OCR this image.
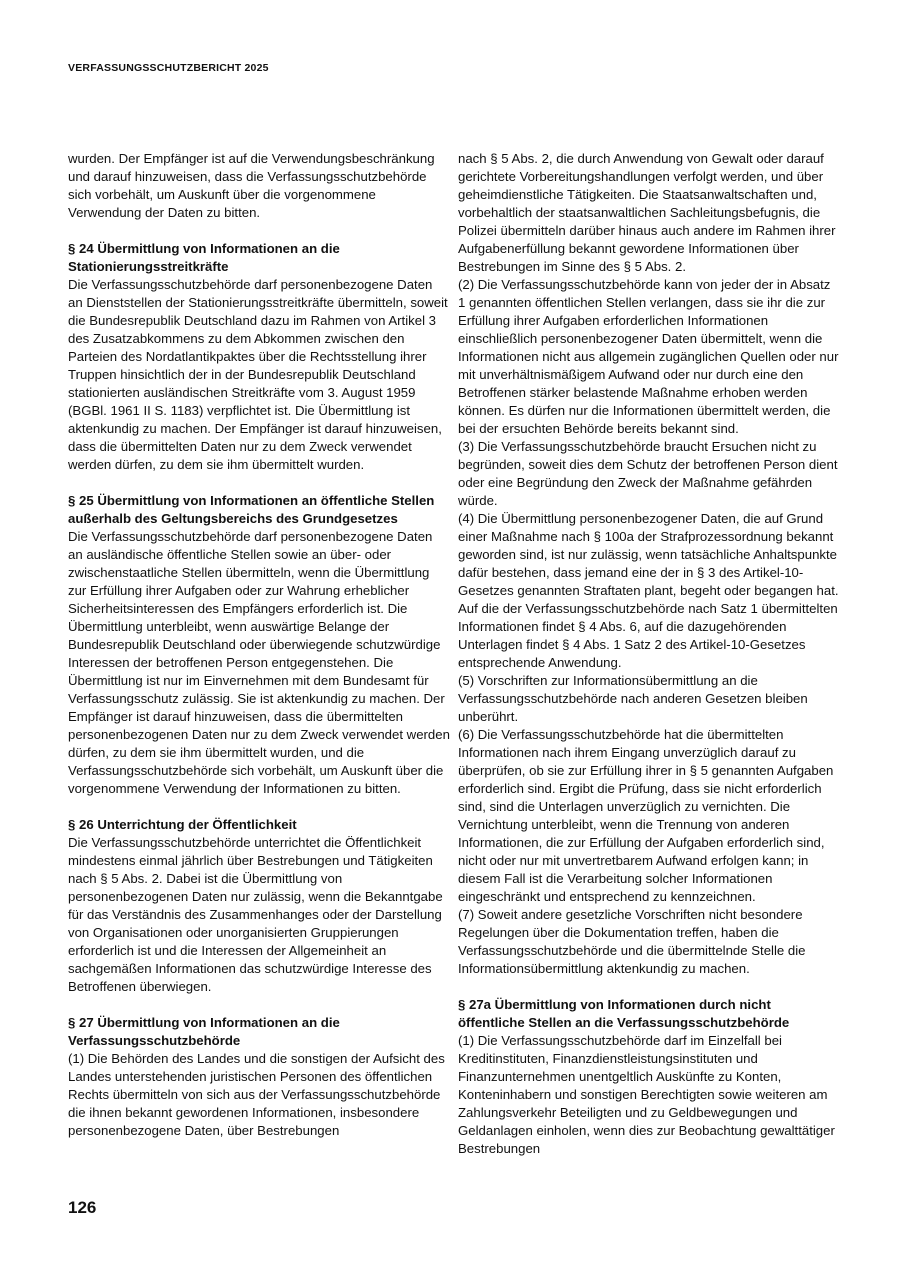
VERFASSUNGSSCHUTZBERICHT 2025

wurden. Der Empfänger ist auf die Verwendungsbeschränkung und darauf hinzuweisen, dass die Verfassungsschutzbehörde sich vorbehält, um Auskunft über die vorgenommene Verwendung der Daten zu bitten.

§ 24 Übermittlung von Informationen an die Stationierungsstreitkräfte

Die Verfassungsschutzbehörde darf personenbezogene Daten an Dienststellen der Stationierungsstreitkräfte übermitteln, soweit die Bundesrepublik Deutschland dazu im Rahmen von Artikel 3 des Zusatzabkommens zu dem Abkommen zwischen den Parteien des Nordatlantikpaktes über die Rechtsstellung ihrer Truppen hinsichtlich der in der Bundesrepublik Deutschland stationierten ausländischen Streitkräfte vom 3. August 1959 (BGBl. 1961 II S. 1183) verpflichtet ist. Die Übermittlung ist aktenkundig zu machen. Der Empfänger ist darauf hinzuweisen, dass die übermittelten Daten nur zu dem Zweck verwendet werden dürfen, zu dem sie ihm übermittelt wurden.

§ 25 Übermittlung von Informationen an öffentliche Stellen außerhalb des Geltungsbereichs des Grundgesetzes

Die Verfassungsschutzbehörde darf personenbezogene Daten an ausländische öffentliche Stellen sowie an über- oder zwischenstaatliche Stellen übermitteln, wenn die Übermittlung zur Erfüllung ihrer Aufgaben oder zur Wahrung erheblicher Sicherheitsinteressen des Empfängers erforderlich ist. Die Übermittlung unterbleibt, wenn auswärtige Belange der Bundesrepublik Deutschland oder überwiegende schutzwürdige Interessen der betroffenen Person entgegenstehen. Die Übermittlung ist nur im Einvernehmen mit dem Bundesamt für Verfassungsschutz zulässig. Sie ist aktenkundig zu machen. Der Empfänger ist darauf hinzuweisen, dass die übermittelten personenbezogenen Daten nur zu dem Zweck verwendet werden dürfen, zu dem sie ihm übermittelt wurden, und die Verfassungsschutzbehörde sich vorbehält, um Auskunft über die vorgenommene Verwendung der Informationen zu bitten.

§ 26 Unterrichtung der Öffentlichkeit

Die Verfassungsschutzbehörde unterrichtet die Öffentlichkeit mindestens einmal jährlich über Bestrebungen und Tätigkeiten nach § 5 Abs. 2. Dabei ist die Übermittlung von personenbezogenen Daten nur zulässig, wenn die Bekanntgabe für das Verständnis des Zusammenhanges oder der Darstellung von Organisationen oder unorganisierten Gruppierungen erforderlich ist und die Interessen der Allgemeinheit an sachgemäßen Informationen das schutzwürdige Interesse des Betroffenen überwiegen.

§ 27 Übermittlung von Informationen an die Verfassungsschutzbehörde

(1) Die Behörden des Landes und die sonstigen der Aufsicht des Landes unterstehenden juristischen Personen des öffentlichen Rechts übermitteln von sich aus der Verfassungsschutzbehörde die ihnen bekannt gewordenen Informationen, insbesondere personenbezogene Daten, über Bestrebungen

nach § 5 Abs. 2, die durch Anwendung von Gewalt oder darauf gerichtete Vorbereitungshandlungen verfolgt werden, und über geheimdienstliche Tätigkeiten. Die Staatsanwaltschaften und, vorbehaltlich der staatsanwaltlichen Sachleitungsbefugnis, die Polizei übermitteln darüber hinaus auch andere im Rahmen ihrer Aufgabenerfüllung bekannt gewordene Informationen über Bestrebungen im Sinne des § 5 Abs. 2.

(2) Die Verfassungsschutzbehörde kann von jeder der in Absatz 1 genannten öffentlichen Stellen verlangen, dass sie ihr die zur Erfüllung ihrer Aufgaben erforderlichen Informationen einschließlich personenbezogener Daten übermittelt, wenn die Informationen nicht aus allgemein zugänglichen Quellen oder nur mit unverhältnismäßigem Aufwand oder nur durch eine den Betroffenen stärker belastende Maßnahme erhoben werden können. Es dürfen nur die Informationen übermittelt werden, die bei der ersuchten Behörde bereits bekannt sind.

(3) Die Verfassungsschutzbehörde braucht Ersuchen nicht zu begründen, soweit dies dem Schutz der betroffenen Person dient oder eine Begründung den Zweck der Maßnahme gefährden würde.

(4) Die Übermittlung personenbezogener Daten, die auf Grund einer Maßnahme nach § 100a der Strafprozessordnung bekannt geworden sind, ist nur zulässig, wenn tatsächliche Anhaltspunkte dafür bestehen, dass jemand eine der in § 3 des Artikel-10-Gesetzes genannten Straftaten plant, begeht oder begangen hat. Auf die der Verfassungsschutzbehörde nach Satz 1 übermittelten Informationen findet § 4 Abs. 6, auf die dazugehörenden Unterlagen findet § 4 Abs. 1 Satz 2 des Artikel-10-Gesetzes entsprechende Anwendung.

(5) Vorschriften zur Informationsübermittlung an die Verfassungsschutzbehörde nach anderen Gesetzen bleiben unberührt.

(6) Die Verfassungsschutzbehörde hat die übermittelten Informationen nach ihrem Eingang unverzüglich darauf zu überprüfen, ob sie zur Erfüllung ihrer in § 5 genannten Aufgaben erforderlich sind. Ergibt die Prüfung, dass sie nicht erforderlich sind, sind die Unterlagen unverzüglich zu vernichten. Die Vernichtung unterbleibt, wenn die Trennung von anderen Informationen, die zur Erfüllung der Aufgaben erforderlich sind, nicht oder nur mit unvertretbarem Aufwand erfolgen kann; in diesem Fall ist die Verarbeitung solcher Informationen eingeschränkt und entsprechend zu kennzeichnen.

(7) Soweit andere gesetzliche Vorschriften nicht besondere Regelungen über die Dokumentation treffen, haben die Verfassungsschutzbehörde und die übermittelnde Stelle die Informationsübermittlung aktenkundig zu machen.

§ 27a Übermittlung von Informationen durch nicht öffentliche Stellen an die Verfassungsschutzbehörde

(1) Die Verfassungsschutzbehörde darf im Einzelfall bei Kreditinstituten, Finanzdienstleistungsinstituten und Finanzunternehmen unentgeltlich Auskünfte zu Konten, Konteninhabern und sonstigen Berechtigten sowie weiteren am Zahlungsverkehr Beteiligten und zu Geldbewegungen und Geldanlagen einholen, wenn dies zur Beobachtung gewalttätiger Bestrebungen

126
